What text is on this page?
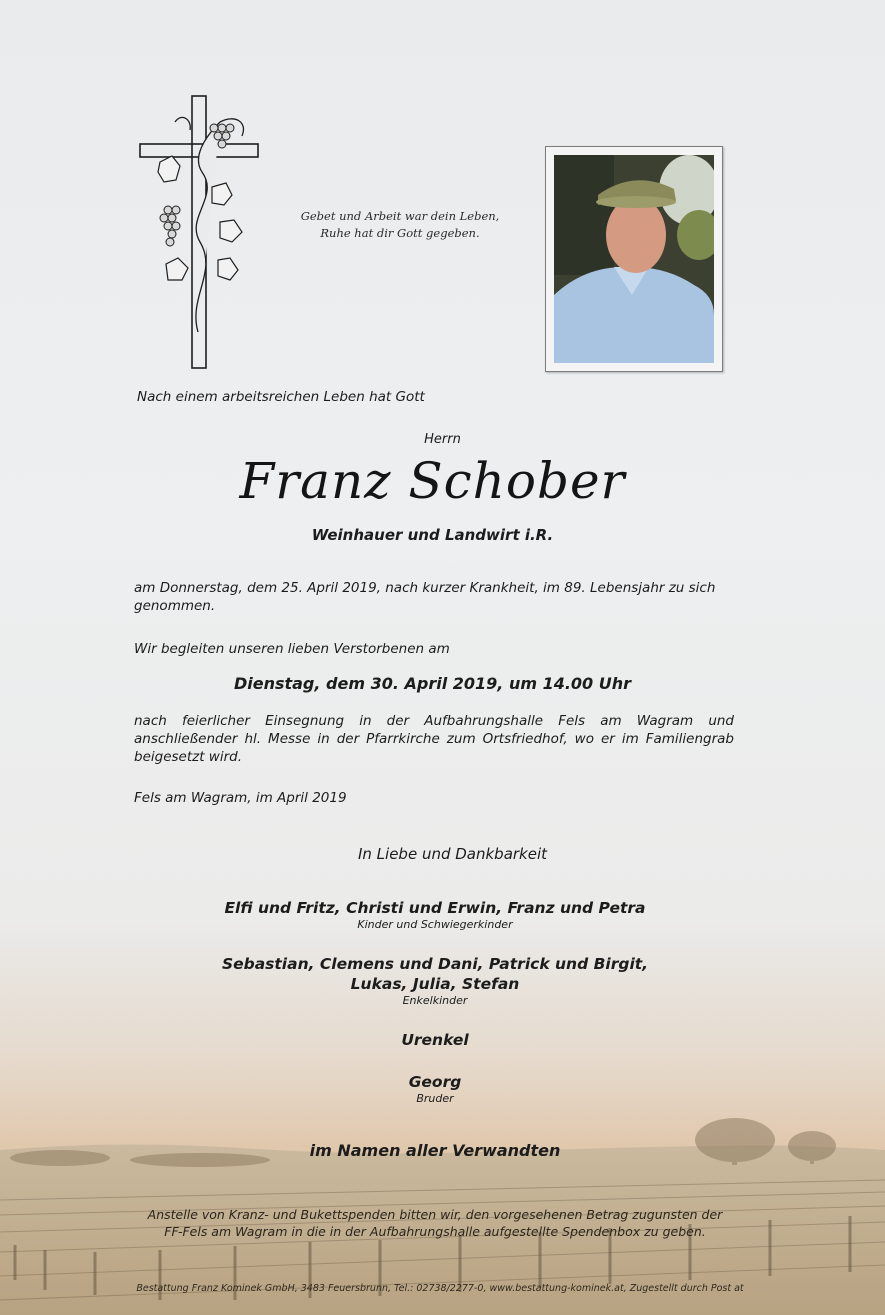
Gebet und Arbeit war dein Leben,
Ruhe hat dir Gott gegeben.
Nach einem arbeitsreichen Leben hat Gott
Herrn
Franz Schober
Weinhauer und Landwirt i.R.
am Donnerstag, dem 25. April 2019, nach kurzer Krankheit, im 89. Lebensjahr zu sich genommen.
Wir begleiten unseren lieben Verstorbenen am
Dienstag, dem 30. April 2019, um 14.00 Uhr
nach feierlicher Einsegnung in der Aufbahrungshalle Fels am Wagram und anschließender hl. Messe in der Pfarrkirche zum Ortsfriedhof, wo er im Familiengrab beigesetzt wird.
Fels am Wagram, im April 2019
In Liebe und Dankbarkeit
Elfi und Fritz, Christi und Erwin, Franz und Petra
Kinder und Schwiegerkinder
Sebastian, Clemens und Dani, Patrick und Birgit,
Lukas, Julia, Stefan
Enkelkinder
Urenkel
Georg
Bruder
im Namen aller Verwandten
Anstelle von Kranz- und Bukettspenden bitten wir, den vorgesehenen Betrag zugunsten der
FF-Fels am Wagram in die in der Aufbahrungshalle aufgestellte Spendenbox zu geben.
Bestattung Franz Kominek GmbH, 3483 Feuersbrunn, Tel.: 02738/2277-0, www.bestattung-kominek.at, Zugestellt durch Post at
